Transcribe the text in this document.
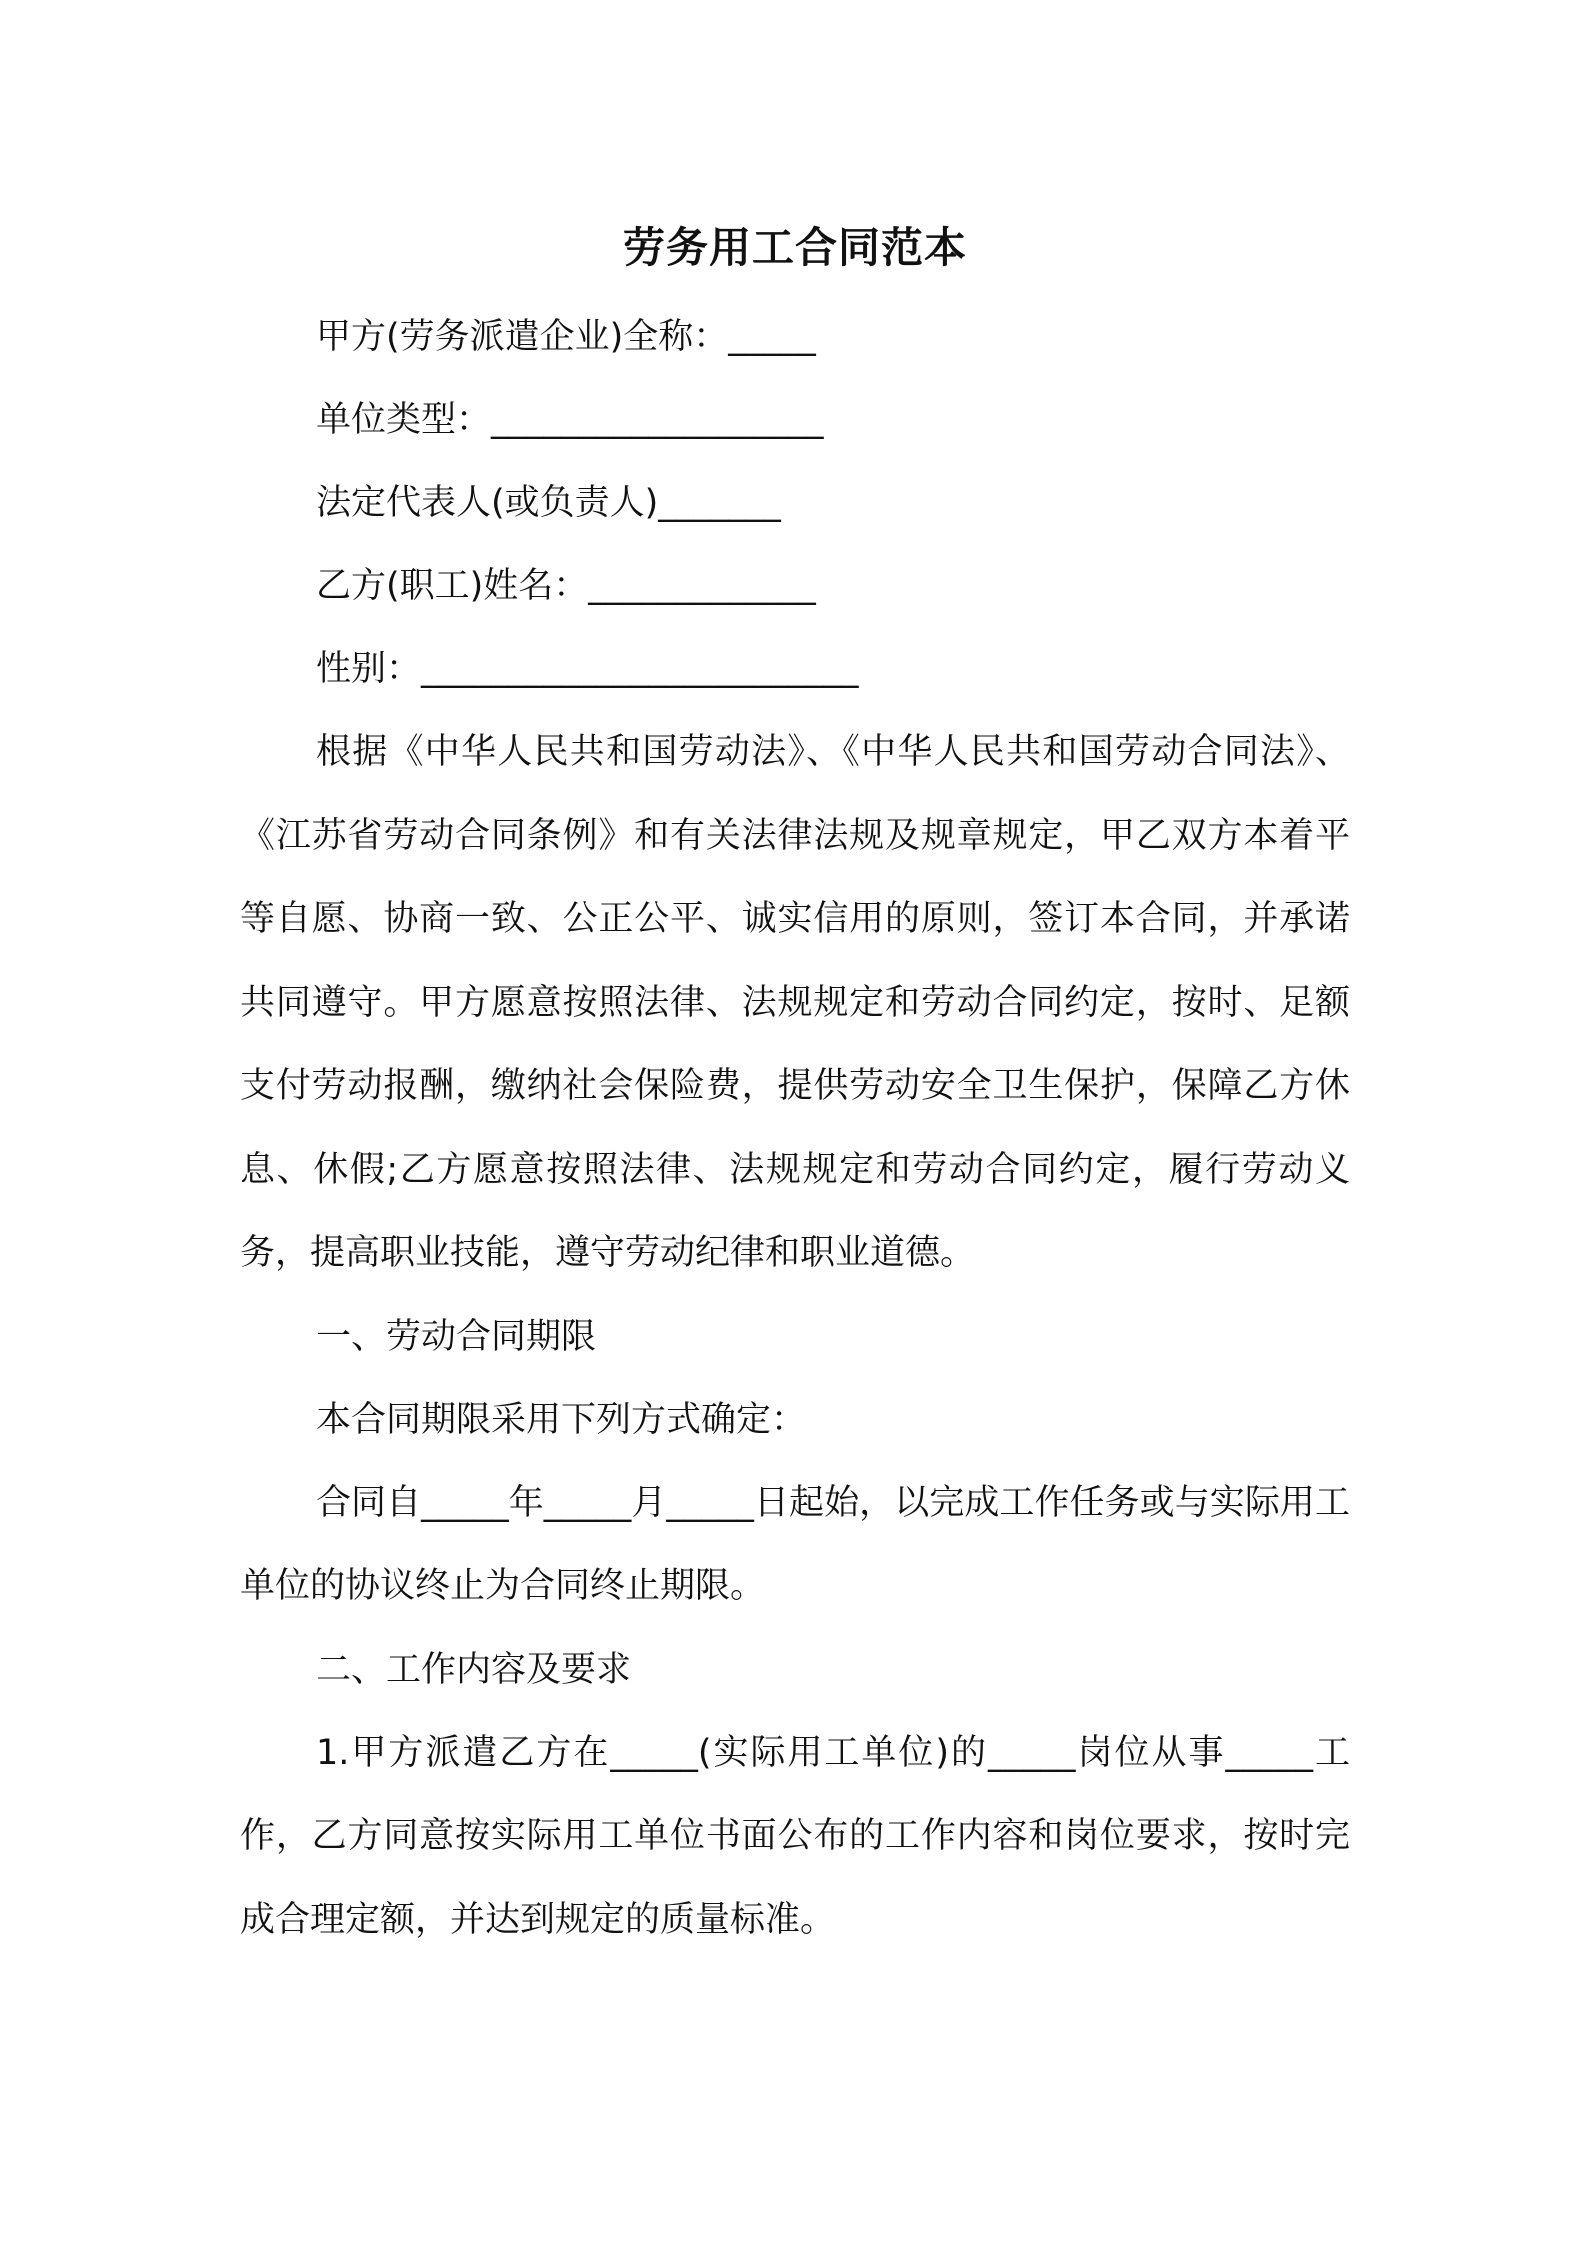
劳务用工合同范本

甲方(劳务派遣企业)全称：_____

单位类型：___________________

法定代表人(或负责人)_______

乙方(职工)姓名：_____________

性别：_________________________

根据《中华人民共和国劳动法》、《中华人民共和国劳动合同法》、《江苏省劳动合同条例》和有关法律法规及规章规定，甲乙双方本着平等自愿、协商一致、公正公平、诚实信用的原则，签订本合同，并承诺共同遵守。甲方愿意按照法律、法规规定和劳动合同约定，按时、足额支付劳动报酬，缴纳社会保险费，提供劳动安全卫生保护，保障乙方休息、休假;乙方愿意按照法律、法规规定和劳动合同约定，履行劳动义务，提高职业技能，遵守劳动纪律和职业道德。

一、劳动合同期限

本合同期限采用下列方式确定：

合同自_____年_____月_____日起始，以完成工作任务或与实际用工单位的协议终止为合同终止期限。

二、工作内容及要求

1.甲方派遣乙方在_____(实际用工单位)的_____岗位从事_____工作，乙方同意按实际用工单位书面公布的工作内容和岗位要求，按时完成合理定额，并达到规定的质量标准。
